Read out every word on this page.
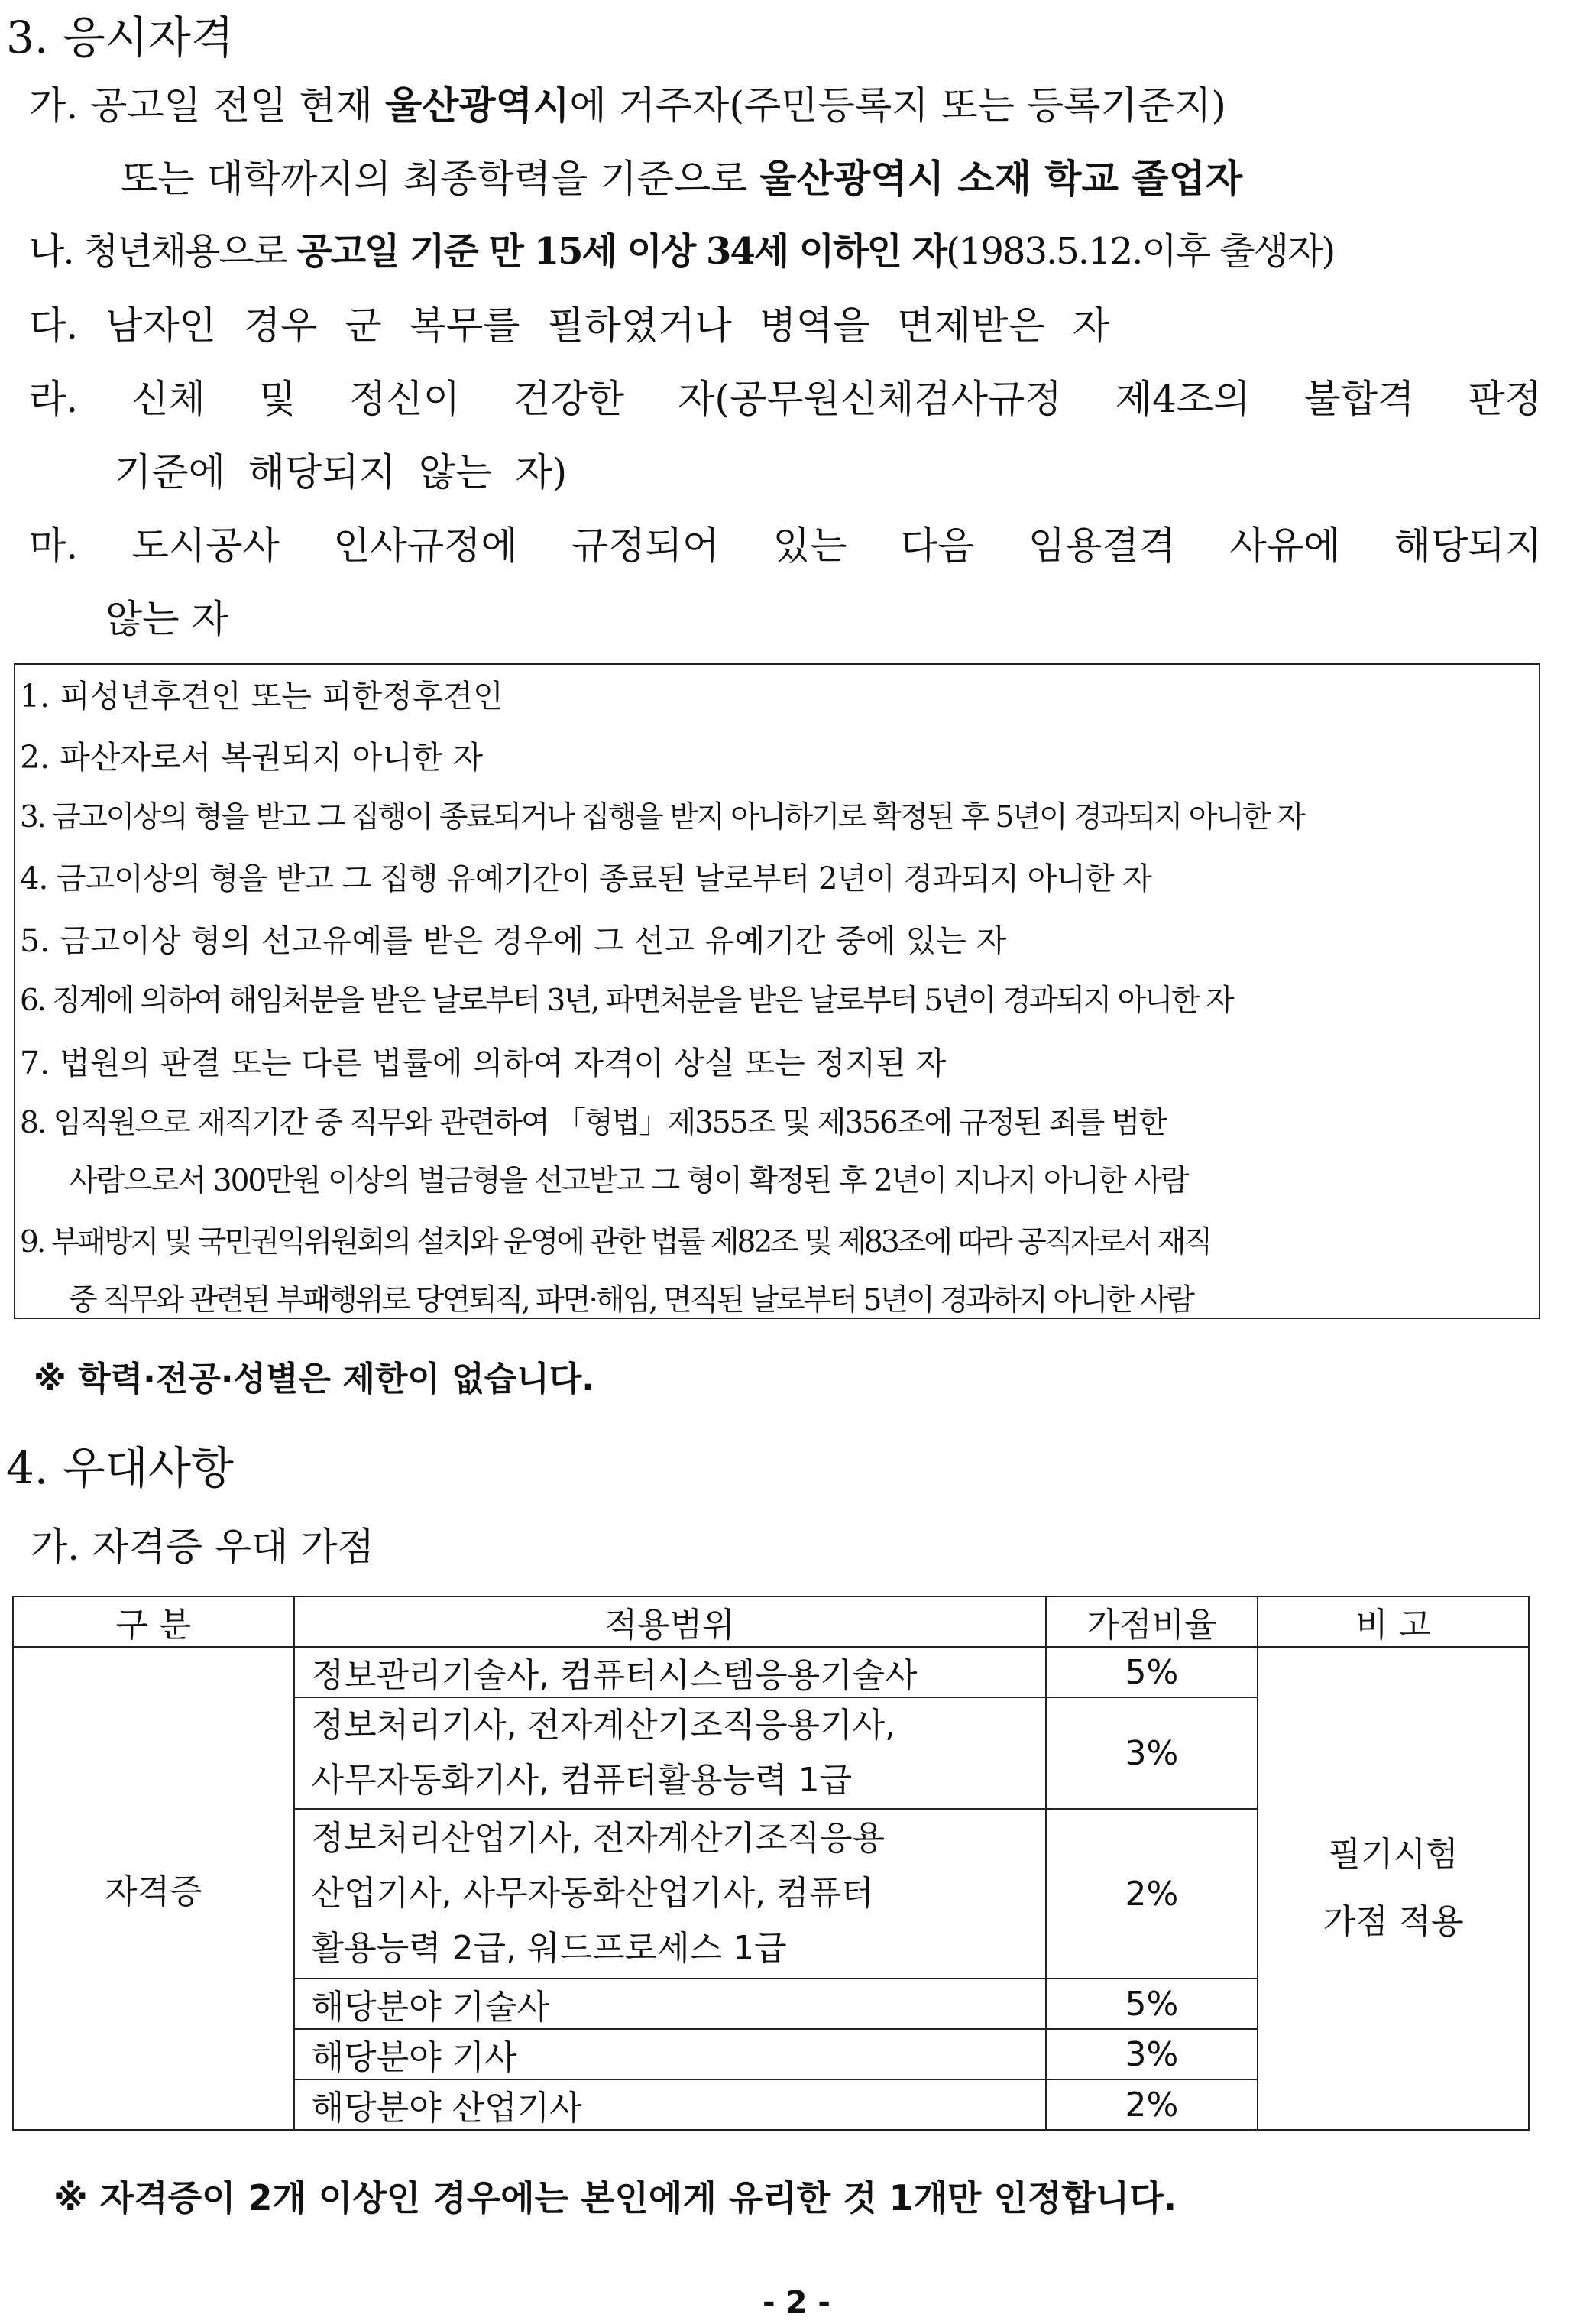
3. 응시자격
가. 공고일 전일 현재 울산광역시에 거주자(주민등록지 또는 등록기준지)
또는 대학까지의 최종학력을 기준으로 울산광역시 소재 학교 졸업자
나. 청년채용으로 공고일 기준 만 15세 이상 34세 이하인 자(1983.5.12.이후 출생자)
다. 남자인 경우 군 복무를 필하였거나 병역을 면제받은 자
라. 신체 및 정신이 건강한 자(공무원신체검사규정 제4조의 불합격 판정
기준에 해당되지 않는 자)
마. 도시공사 인사규정에 규정되어 있는 다음 임용결격 사유에 해당되지
않는 자
1. 피성년후견인 또는 피한정후견인
2. 파산자로서 복권되지 아니한 자
3. 금고이상의 형을 받고 그 집행이 종료되거나 집행을 받지 아니하기로 확정된 후 5년이 경과되지 아니한 자
4. 금고이상의 형을 받고 그 집행 유예기간이 종료된 날로부터 2년이 경과되지 아니한 자
5. 금고이상 형의 선고유예를 받은 경우에 그 선고 유예기간 중에 있는 자
6. 징계에 의하여 해임처분을 받은 날로부터 3년, 파면처분을 받은 날로부터 5년이 경과되지 아니한 자
7. 법원의 판결 또는 다른 법률에 의하여 자격이 상실 또는 정지된 자
8. 임직원으로 재직기간 중 직무와 관련하여 「형법」제355조 및 제356조에 규정된 죄를 범한
사람으로서 300만원 이상의 벌금형을 선고받고 그 형이 확정된 후 2년이 지나지 아니한 사람
9. 부패방지 및 국민권익위원회의 설치와 운영에 관한 법률 제82조 및 제83조에 따라 공직자로서 재직
중 직무와 관련된 부패행위로 당연퇴직, 파면·해임, 면직된 날로부터 5년이 경과하지 아니한 사람
※ 학력·전공·성별은 제한이 없습니다.
4. 우대사항
가. 자격증 우대 가점
구 분	적용범위	가점비율	비 고
자격증	정보관리기술사, 컴퓨터시스템응용기술사	5%	필기시험
가점 적용

	정보처리기사, 전자계산기조직응용기사,
사무자동화기사, 컴퓨터활용능력 1급	3%	

	정보처리산업기사, 전자계산기조직응용
산업기사, 사무자동화산업기사, 컴퓨터
활용능력 2급, 워드프로세스 1급	2%	

	해당분야 기술사	5%	

	해당분야 기사	3%	

	해당분야 산업기사	2%	
※ 자격증이 2개 이상인 경우에는 본인에게 유리한 것 1개만 인정합니다.
- 2 -
